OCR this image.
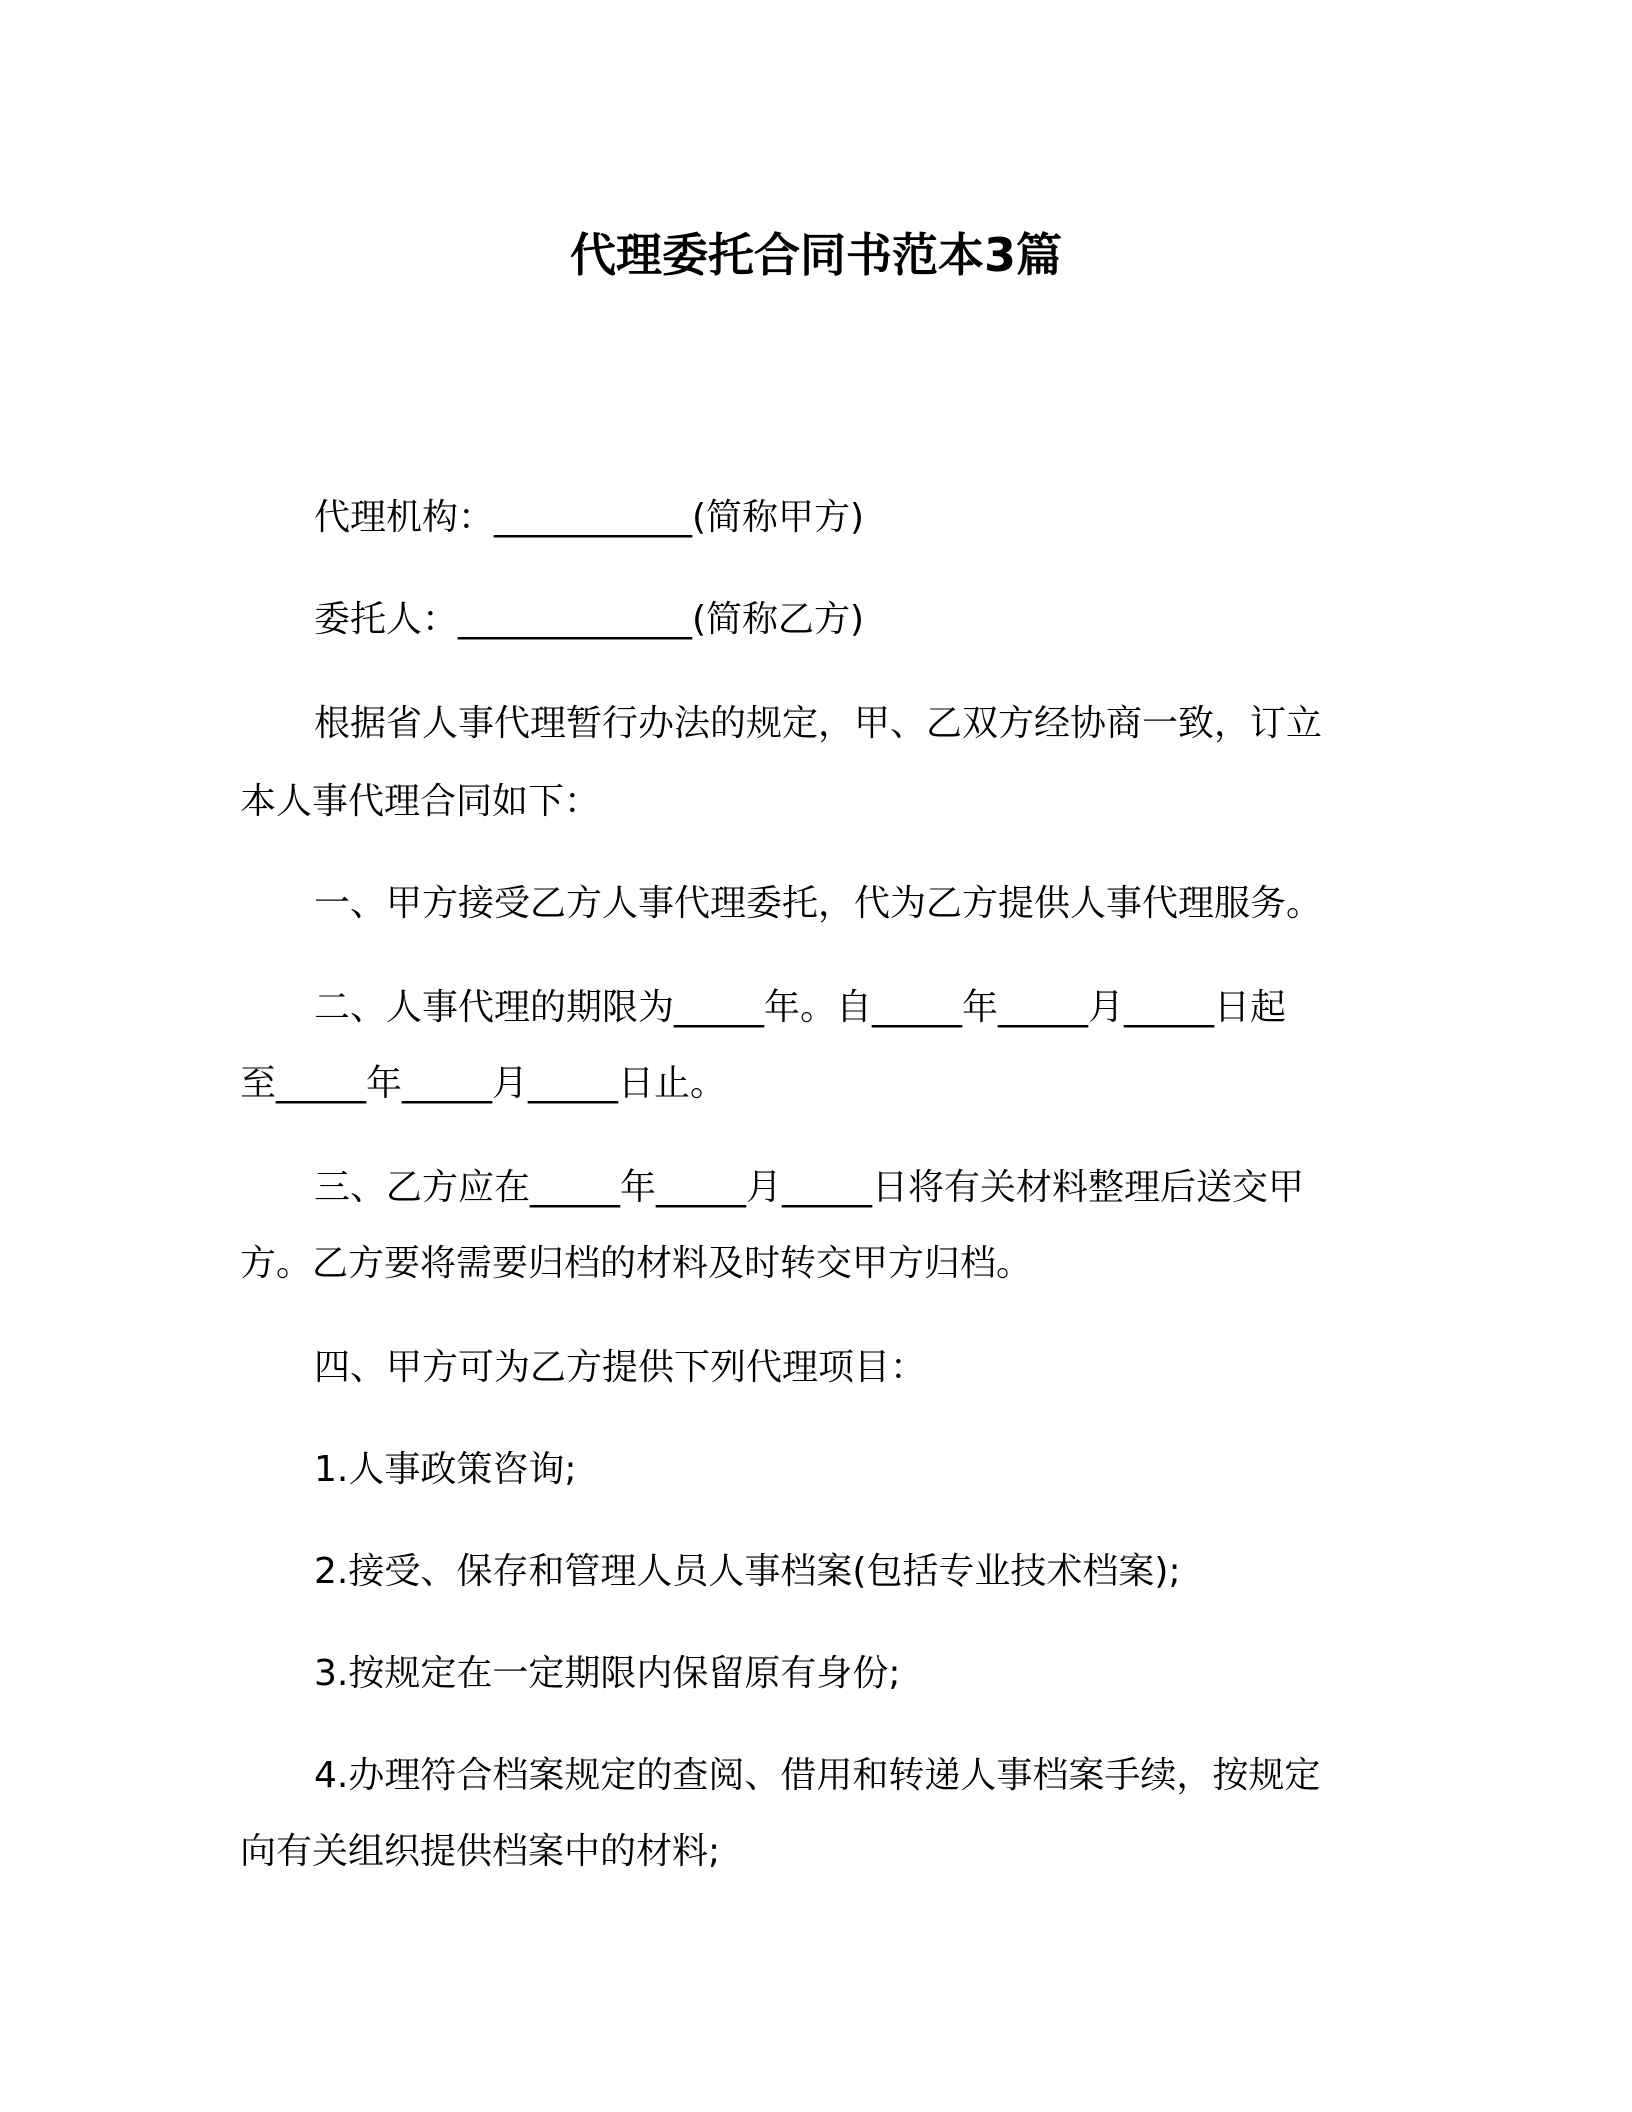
代理委托合同书范本3篇
代理机构：___________(简称甲方)
委托人：_____________(简称乙方)
根据省人事代理暂行办法的规定，甲、乙双方经协商一致，订立
本人事代理合同如下：
一、甲方接受乙方人事代理委托，代为乙方提供人事代理服务。
二、人事代理的期限为_____年。自_____年_____月_____日起
至_____年_____月_____日止。
三、乙方应在_____年_____月_____日将有关材料整理后送交甲
方。乙方要将需要归档的材料及时转交甲方归档。
四、甲方可为乙方提供下列代理项目：
1.人事政策咨询;
2.接受、保存和管理人员人事档案(包括专业技术档案);
3.按规定在一定期限内保留原有身份;
4.办理符合档案规定的查阅、借用和转递人事档案手续，按规定
向有关组织提供档案中的材料;
